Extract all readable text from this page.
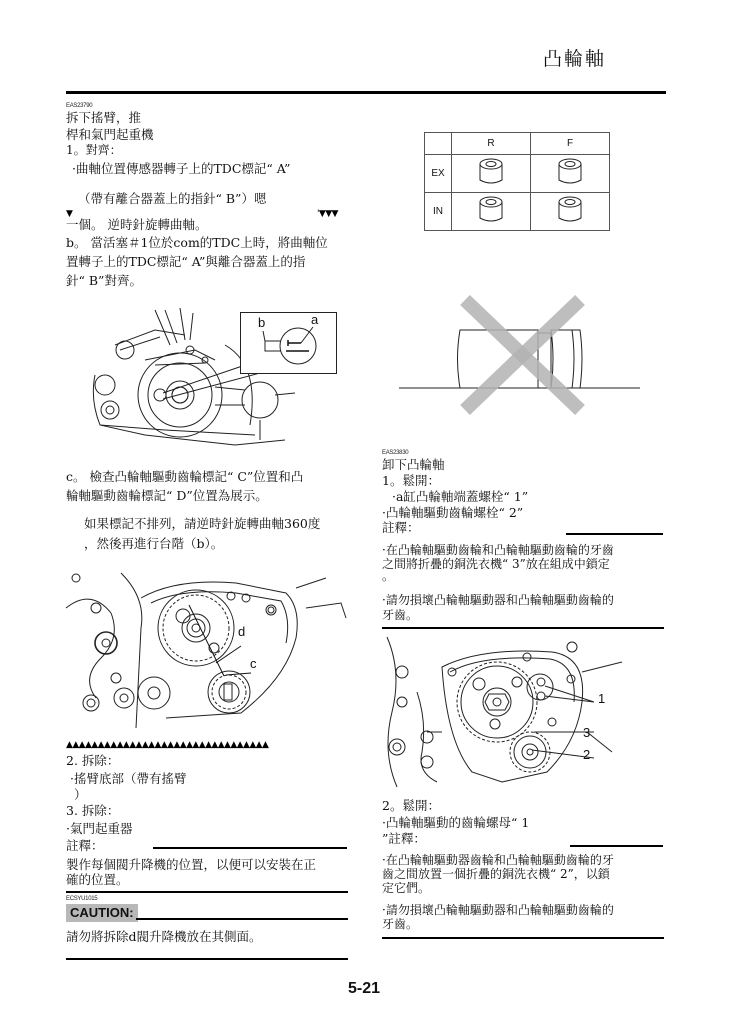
凸輪軸
EAS23790
拆下搖臂，推
桿和氣門起重機
1。對齊：
·曲軸位置傳感器轉子上的TDC標記“ A”
（帶有離合器蓋上的指針“ B”）嗯
▼	'▼▼▼
一個。 逆時針旋轉曲軸。
b。 當活塞＃1位於com的TDC上時，將曲軸位
置轉子上的TDC標記“ A”與離合器蓋上的指
針“ B”對齊。
b	a
c。 檢查凸輪軸驅動齒輪標記“ C”位置和凸
輪軸驅動齒輪標記“ D”位置為展示。
如果標記不排列，請逆時針旋轉曲軸360度
，然後再進行台階（b）。
d
c
▲▲▲▲▲▲▲▲▲▲▲▲▲▲▲▲▲▲▲▲▲▲▲▲▲▲▲▲▲▲▲▲
2. 拆除：
·搖臂底部（帶有搖臂
）
3. 拆除：
·氣門起重器
註釋：
製作每個閥升降機的位置，以便可以安裝在正
確的位置。
ECSYU1015
CAUTION:
請勿將拆除d閥升降機放在其側面。
	R	F
EX		
IN		
EAS23830
卸下凸輪軸
1。鬆開：
·a缸凸輪軸端蓋螺栓“ 1”
·凸輪軸驅動齒輪螺栓“ 2”
註釋：
·在凸輪軸驅動齒輪和凸輪軸驅動齒輪的牙齒
之間將折疊的銅洗衣機“ 3”放在組成中鎖定
。
·請勿損壞凸輪軸驅動器和凸輪軸驅動齒輪的
牙齒。
1
3
2
2。鬆開：
·凸輪軸驅動的齒輪螺母“ 1
”註釋：
·在凸輪軸驅動器齒輪和凸輪軸驅動齒輪的牙
齒之間放置一個折疊的銅洗衣機“ 2”，以鎖
定它們。
·請勿損壞凸輪軸驅動器和凸輪軸驅動齒輪的
牙齒。
5-21
